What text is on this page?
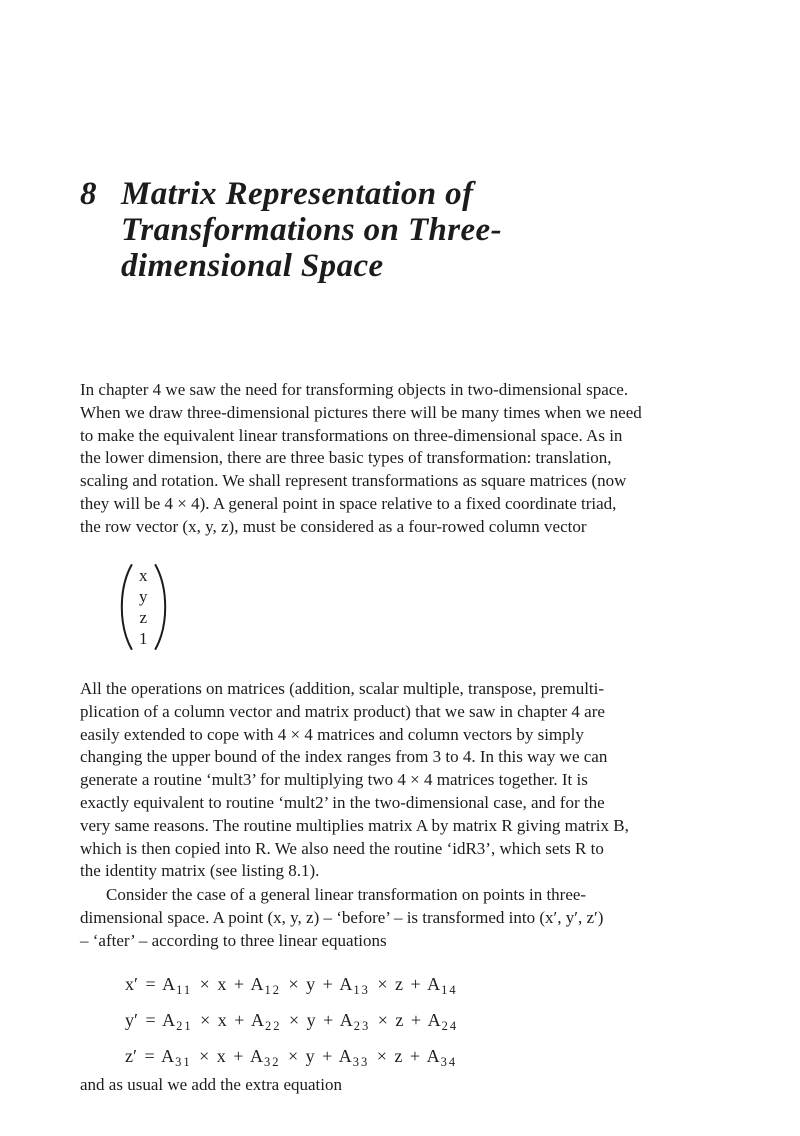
8 Matrix Representation of
Transformations on Three-
dimensional Space
In chapter 4 we saw the need for transforming objects in two-dimensional space.
When we draw three-dimensional pictures there will be many times when we need
to make the equivalent linear transformations on three-dimensional space. As in
the lower dimension, there are three basic types of transformation: translation,
scaling and rotation. We shall represent transformations as square matrices (now
they will be 4 × 4). A general point in space relative to a fixed coordinate triad,
the row vector (x, y, z), must be considered as a four-rowed column vector
x
y
z
1
All the operations on matrices (addition, scalar multiple, transpose, premulti-
plication of a column vector and matrix product) that we saw in chapter 4 are
easily extended to cope with 4 × 4 matrices and column vectors by simply
changing the upper bound of the index ranges from 3 to 4. In this way we can
generate a routine ‘mult3’ for multiplying two 4 × 4 matrices together. It is
exactly equivalent to routine ‘mult2’ in the two-dimensional case, and for the
very same reasons. The routine multiplies matrix A by matrix R giving matrix B,
which is then copied into R. We also need the routine ‘idR3’, which sets R to
the identity matrix (see listing 8.1).
Consider the case of a general linear transformation on points in three-
dimensional space. A point (x, y, z) – ‘before’ – is transformed into (x′, y′, z′)
– ‘after’ – according to three linear equations
$x' = A_{11} \times x + A_{12} \times y + A_{13} \times z + A_{14}$
$y' = A_{21} \times x + A_{22} \times y + A_{23} \times z + A_{24}$
$z' = A_{31} \times x + A_{32} \times y + A_{33} \times z + A_{34}$
and as usual we add the extra equation
